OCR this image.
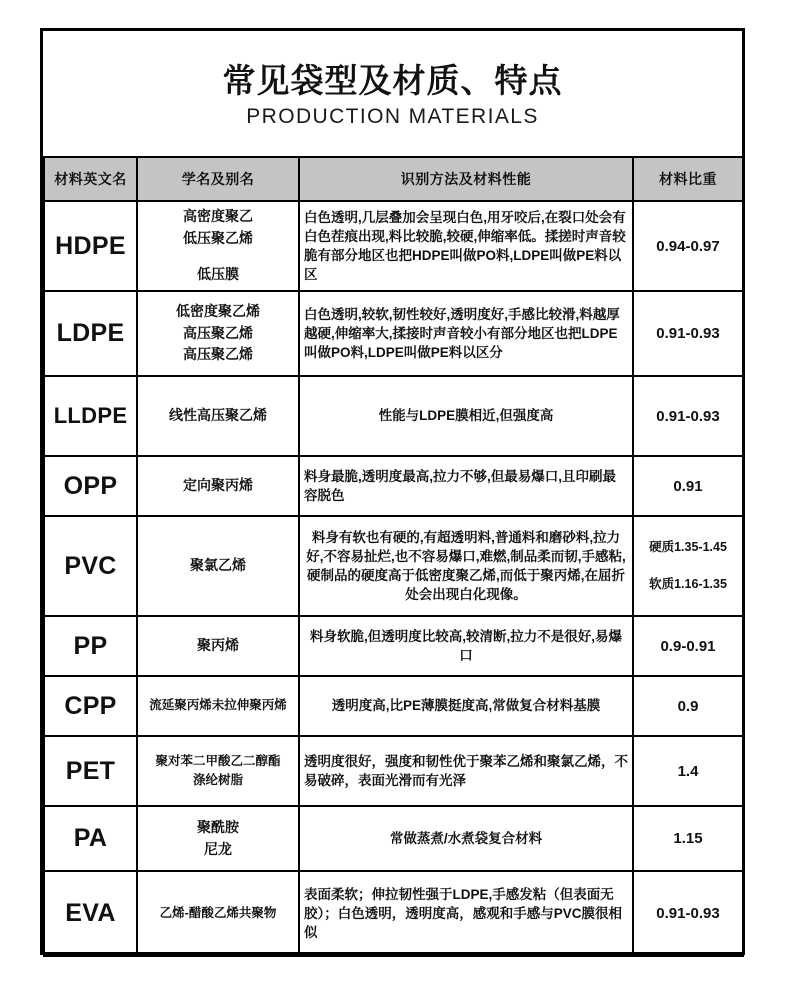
常见袋型及材质、特点
PRODUCTION MATERIALS
材料英文名	学名及别名	识别方法及材料性能	材料比重
HDPE	高密度聚乙
低压聚乙烯
低压膜	白色透明,几层叠加会呈现白色,用牙咬后,在裂口处会有白色茬痕出现,料比较脆,较硬,伸缩率低。揉搓时声音较脆有部分地区也把HDPE叫做PO料,LDPE叫做PE料以区	0.94-0.97
LDPE	低密度聚乙烯
高压聚乙烯
高压聚乙烯	白色透明,较软,韧性较好,透明度好,手感比较滑,料越厚越硬,伸缩率大,揉接时声音较小有部分地区也把LDPE叫做PO料,LDPE叫做PE料以区分	0.91-0.93
LLDPE	线性高压聚乙烯	性能与LDPE膜相近,但强度高	0.91-0.93
OPP	定向聚丙烯	料身最脆,透明度最高,拉力不够,但最易爆口,且印刷最容脱色	0.91
PVC	聚氯乙烯	料身有软也有硬的,有超透明料,普通料和磨砂料,拉力好,不容易扯烂,也不容易爆口,难燃,制品柔而韧,手感粘,硬制品的硬度高于低密度聚乙烯,而低于聚丙烯,在屈折处会出现白化现像。	硬质1.35-1.45
软质1.16-1.35

PP	聚丙烯	料身软脆,但透明度比较高,较清断,拉力不是很好,易爆口	0.9-0.91
CPP	流延聚丙烯未拉伸聚丙烯	透明度高,比PE薄膜挺度高,常做复合材料基膜	0.9
PET	聚对苯二甲酸乙二醇酯
涤纶树脂	透明度很好，强度和韧性优于聚苯乙烯和聚氯乙烯，不易破碎，表面光滑而有光泽	1.4
PA	聚酰胺
尼龙	常做蒸煮/水煮袋复合材料	1.15
EVA	乙烯-醋酸乙烯共聚物	表面柔软；伸拉韧性强于LDPE,手感发粘（但表面无胶）；白色透明，透明度高，感观和手感与PVC膜很相似	0.91-0.93
